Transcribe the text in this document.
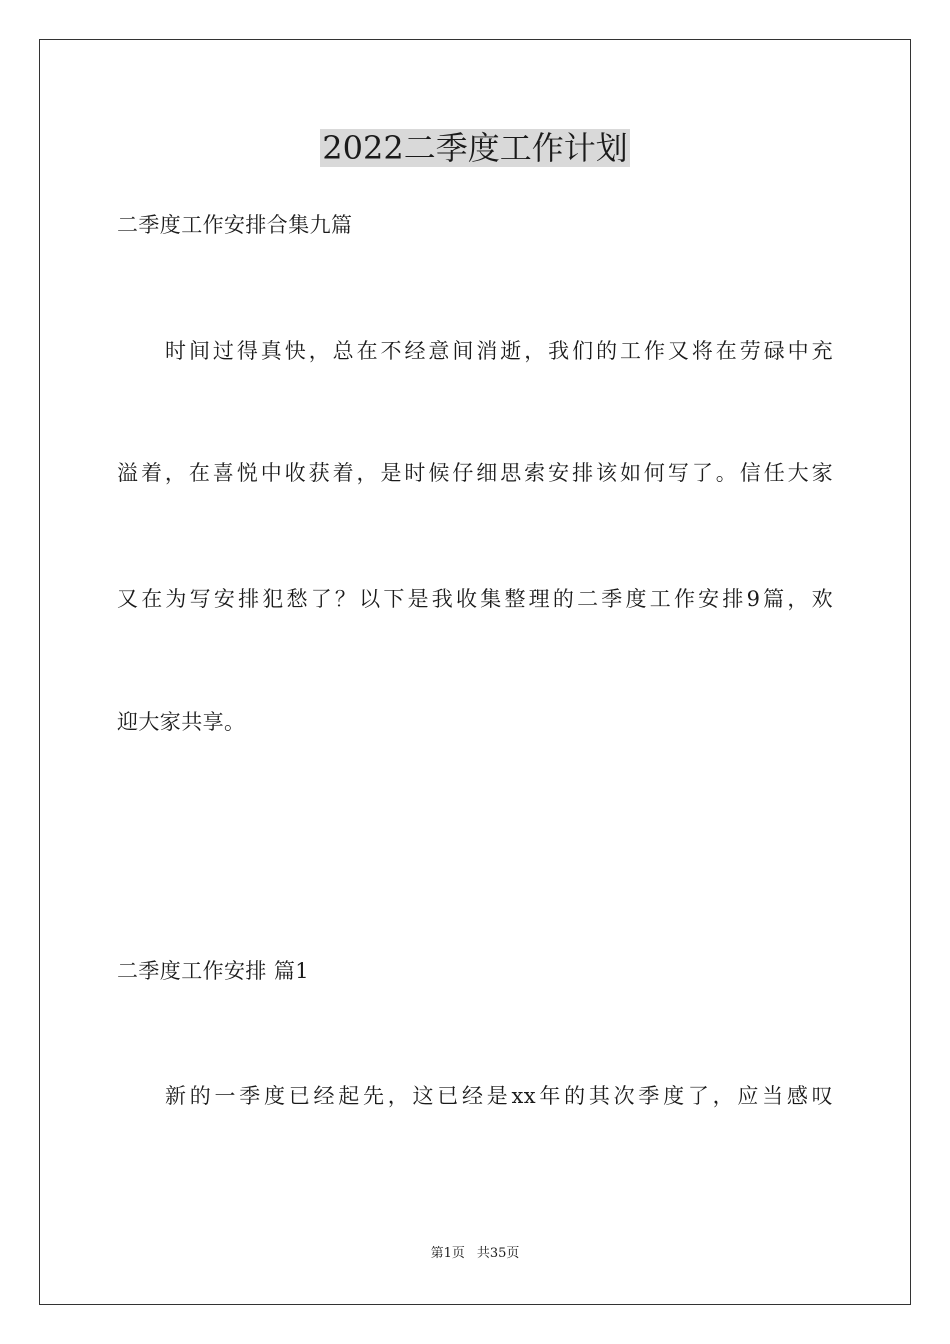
2022二季度工作计划
二季度工作安排合集九篇
时间过得真快，总在不经意间消逝，我们的工作又将在劳碌中充
溢着，在喜悦中收获着，是时候仔细思索安排该如何写了。信任大家
又在为写安排犯愁了？以下是我收集整理的二季度工作安排9篇，欢
迎大家共享。
二季度工作安排 篇1
新的一季度已经起先，这已经是xx年的其次季度了，应当感叹
第1页 共35页
